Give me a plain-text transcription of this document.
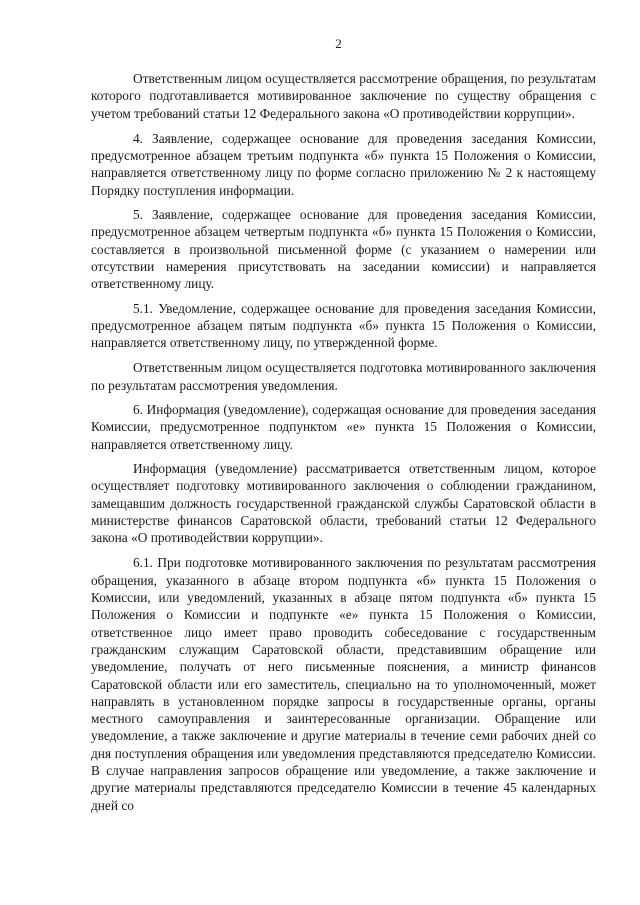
2

Ответственным лицом осуществляется рассмотрение обращения, по результатам которого подготавливается мотивированное заключение по существу обращения с учетом требований статьи 12 Федерального закона «О противодействии коррупции».

4. Заявление, содержащее основание для проведения заседания Комиссии, предусмотренное абзацем третьим подпункта «б» пункта 15 Положения о Комиссии, направляется ответственному лицу по форме согласно приложению № 2 к настоящему Порядку поступления информации.

5. Заявление, содержащее основание для проведения заседания Комиссии, предусмотренное абзацем четвертым подпункта «б» пункта 15 Положения о Комиссии, составляется в произвольной письменной форме (с указанием о намерении или отсутствии намерения присутствовать на заседании комиссии) и направляется ответственному лицу.

5.1. Уведомление, содержащее основание для проведения заседания Комиссии, предусмотренное абзацем пятым подпункта «б» пункта 15 Положения о Комиссии, направляется ответственному лицу, по утвержденной форме.

Ответственным лицом осуществляется подготовка мотивированного заключения по результатам рассмотрения уведомления.

6. Информация (уведомление), содержащая основание для проведения заседания Комиссии, предусмотренное подпунктом «е» пункта 15 Положения о Комиссии, направляется ответственному лицу.

Информация (уведомление) рассматривается ответственным лицом, которое осуществляет подготовку мотивированного заключения о соблюдении гражданином, замещавшим должность государственной гражданской службы Саратовской области в министерстве финансов Саратовской области, требований статьи 12 Федерального закона «О противодействии коррупции».

6.1. При подготовке мотивированного заключения по результатам рассмотрения обращения, указанного в абзаце втором подпункта «б» пункта 15 Положения о Комиссии, или уведомлений, указанных в абзаце пятом подпункта «б» пункта 15 Положения о Комиссии и подпункте «е» пункта 15 Положения о Комиссии, ответственное лицо имеет право проводить собеседование с государственным гражданским служащим Саратовской области, представившим обращение или уведомление, получать от него письменные пояснения, а министр финансов Саратовской области или его заместитель, специально на то уполномоченный, может направлять в установленном порядке запросы в государственные органы, органы местного самоуправления и заинтересованные организации. Обращение или уведомление, а также заключение и другие материалы в течение семи рабочих дней со дня поступления обращения или уведомления представляются председателю Комиссии. В случае направления запросов обращение или уведомление, а также заключение и другие материалы представляются председателю Комиссии в течение 45 календарных дней со
